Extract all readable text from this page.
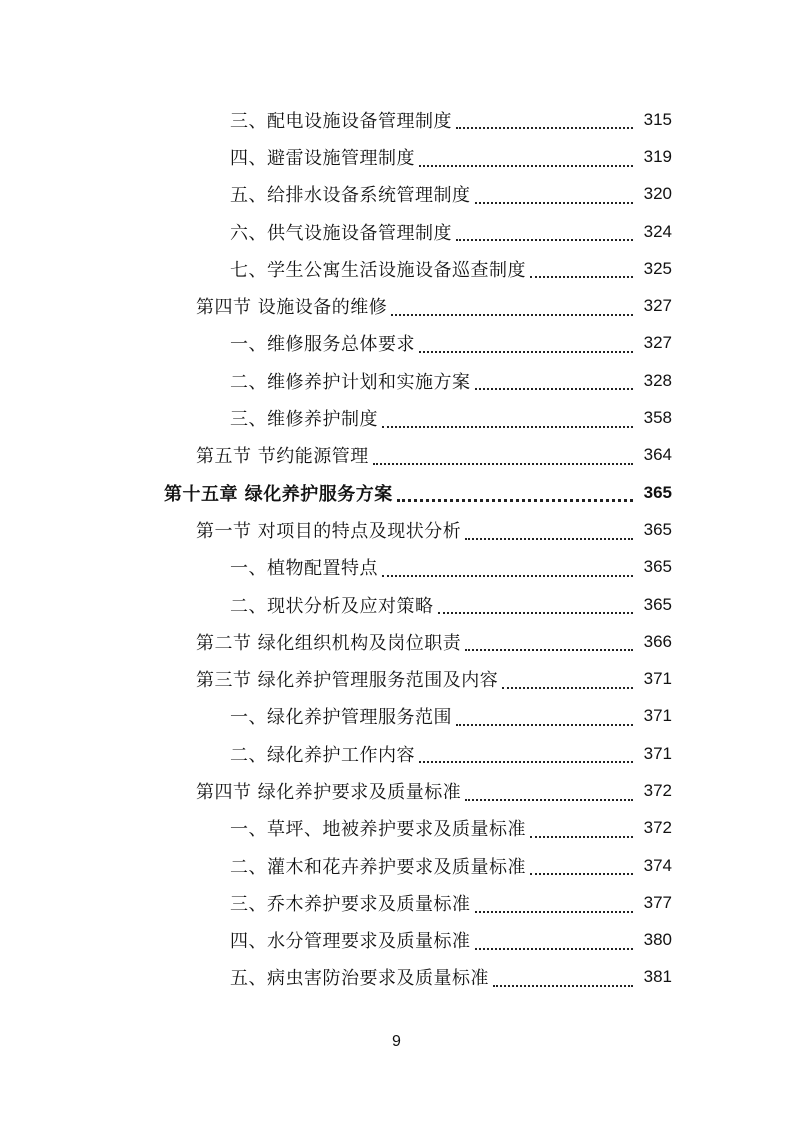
三、配电设施设备管理制度	315
四、避雷设施管理制度	319
五、给排水设备系统管理制度	320
六、供气设施设备管理制度	324
七、学生公寓生活设施设备巡查制度	325
第四节 设施设备的维修	327
一、维修服务总体要求	327
二、维修养护计划和实施方案	328
三、维修养护制度	358
第五节 节约能源管理	364
第十五章 绿化养护服务方案	365
第一节 对项目的特点及现状分析	365
一、植物配置特点	365
二、现状分析及应对策略	365
第二节 绿化组织机构及岗位职责	366
第三节 绿化养护管理服务范围及内容	371
一、绿化养护管理服务范围	371
二、绿化养护工作内容	371
第四节 绿化养护要求及质量标准	372
一、草坪、地被养护要求及质量标准	372
二、灌木和花卉养护要求及质量标准	374
三、乔木养护要求及质量标准	377
四、水分管理要求及质量标准	380
五、病虫害防治要求及质量标准	381
9
